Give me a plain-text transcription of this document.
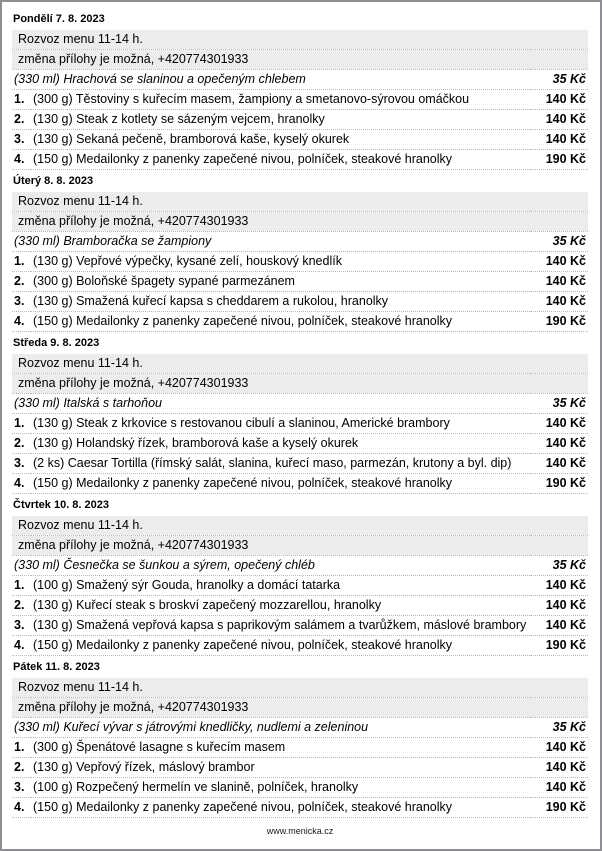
Pondělí 7. 8. 2023
Rozvoz menu 11-14 h.		
změna přílohy je možná, +420774301933		
(330 ml) Hrachová se slaninou a opečeným chlebem		35 Kč
1.	(300 g) Těstoviny s kuřecím masem, žampiony a smetanovo-sýrovou omáčkou	140 Kč
2.	(130 g) Steak z kotlety se sázeným vejcem, hranolky	140 Kč
3.	(130 g) Sekaná pečeně, bramborová kaše, kyselý okurek	140 Kč
4.	(150 g) Medailonky z panenky zapečené nivou, polníček, steakové hranolky	190 Kč
Úterý 8. 8. 2023
Rozvoz menu 11-14 h.		
změna přílohy je možná, +420774301933		
(330 ml) Bramboračka se žampiony		35 Kč
1.	(130 g) Vepřové výpečky, kysané zelí, houskový knedlík	140 Kč
2.	(300 g) Boloňské špagety sypané parmezánem	140 Kč
3.	(130 g) Smažená kuřecí kapsa s cheddarem a rukolou, hranolky	140 Kč
4.	(150 g) Medailonky z panenky zapečené nivou, polníček, steakové hranolky	190 Kč
Středa 9. 8. 2023
Rozvoz menu 11-14 h.		
změna přílohy je možná, +420774301933		
(330 ml) Italská s tarhoňou		35 Kč
1.	(130 g) Steak z krkovice s restovanou cibulí a slaninou, Americké brambory	140 Kč
2.	(130 g) Holandský řízek, bramborová kaše a kyselý okurek	140 Kč
3.	(2 ks) Caesar Tortilla (římský salát, slanina, kuřecí maso, parmezán, krutony a byl. dip)	140 Kč
4.	(150 g) Medailonky z panenky zapečené nivou, polníček, steakové hranolky	190 Kč
Čtvrtek 10. 8. 2023
Rozvoz menu 11-14 h.		
změna přílohy je možná, +420774301933		
(330 ml) Česnečka se šunkou a sýrem, opečený chléb		35 Kč
1.	(100 g) Smažený sýr Gouda, hranolky a domácí tatarka	140 Kč
2.	(130 g) Kuřecí steak s broskví zapečený mozzarellou, hranolky	140 Kč
3.	(130 g) Smažená vepřová kapsa s paprikovým salámem a tvarůžkem, máslové brambory	140 Kč
4.	(150 g) Medailonky z panenky zapečené nivou, polníček, steakové hranolky	190 Kč
Pátek 11. 8. 2023
Rozvoz menu 11-14 h.		
změna přílohy je možná, +420774301933		
(330 ml) Kuřecí vývar s játrovými knedličky, nudlemi a zeleninou		35 Kč
1.	(300 g) Špenátové lasagne s kuřecím masem	140 Kč
2.	(130 g) Vepřový řízek, máslový brambor	140 Kč
3.	(100 g) Rozpečený hermelín ve slanině, polníček, hranolky	140 Kč
4.	(150 g) Medailonky z panenky zapečené nivou, polníček, steakové hranolky	190 Kč
www.menicka.cz
